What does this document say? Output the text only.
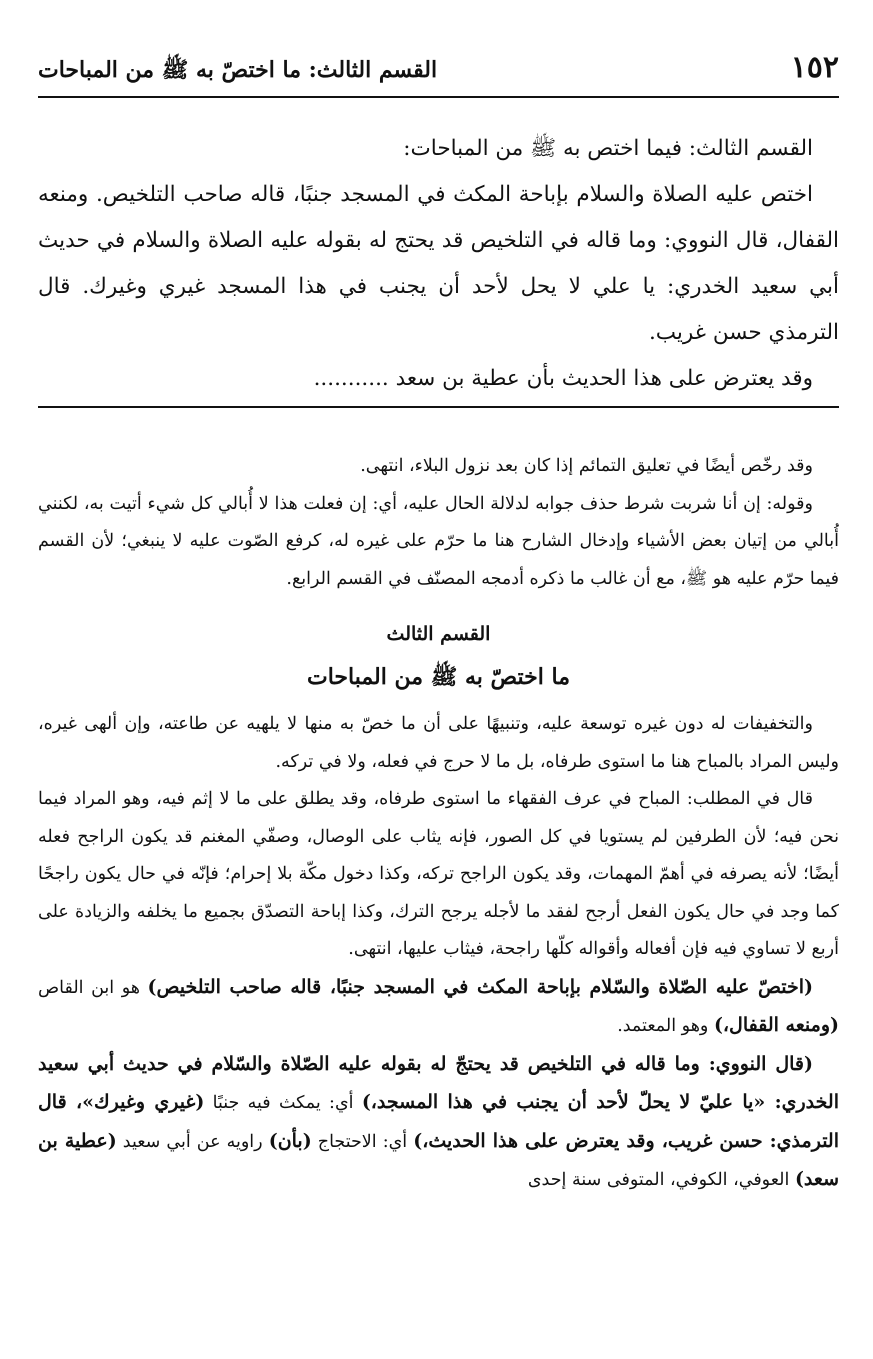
١٥٢
القسم الثالث: ما اختصّ به ﷺ من المباحات

القسم الثالث: فيما اختص به ﷺ من المباحات:

اختص عليه الصلاة والسلام بإباحة المكث في المسجد جنبًا، قاله صاحب التلخيص. ومنعه القفال، قال النووي: وما قاله في التلخيص قد يحتج له بقوله عليه الصلاة والسلام في حديث أبي سعيد الخدري: يا علي لا يحل لأحد أن يجنب في هذا المسجد غيري وغيرك. قال الترمذي حسن غريب.

وقد يعترض على هذا الحديث بأن عطية بن سعد ...........

وقد رخّص أيضًا في تعليق التمائم إذا كان بعد نزول البلاء، انتهى.

وقوله: إن أنا شربت شرط حذف جوابه لدلالة الحال عليه، أي: إن فعلت هذا لا أُبالي كل شيء أتيت به، لكنني أُبالي من إتيان بعض الأشياء وإدخال الشارح هنا ما حرّم على غيره له، كرفع الصّوت عليه لا ينبغي؛ لأن القسم فيما حرّم عليه هو ﷺ، مع أن غالب ما ذكره أدمجه المصنّف في القسم الرابع.

القسم الثالث
ما اختصّ به ﷺ من المباحات

والتخفيفات له دون غيره توسعة عليه، وتنبيهًا على أن ما خصّ به منها لا يلهيه عن طاعته، وإن ألهى غيره، وليس المراد بالمباح هنا ما استوى طرفاه، بل ما لا حرج في فعله، ولا في تركه.

قال في المطلب: المباح في عرف الفقهاء ما استوى طرفاه، وقد يطلق على ما لا إثم فيه، وهو المراد فيما نحن فيه؛ لأن الطرفين لم يستويا في كل الصور، فإنه يثاب على الوصال، وصفّي المغنم قد يكون الراجح فعله أيضًا؛ لأنه يصرفه في أهمّ المهمات، وقد يكون الراجح تركه، وكذا دخول مكّة بلا إحرام؛ فإنّه في حال يكون راجحًا كما وجد في حال يكون الفعل أرجح لفقد ما لأجله يرجح الترك، وكذا إباحة التصدّق بجميع ما يخلفه والزيادة على أربع لا تساوي فيه فإن أفعاله وأقواله كلّها راجحة، فيثاب عليها، انتهى.

(اختصّ عليه الصّلاة والسّلام بإباحة المكث في المسجد جنبًا، قاله صاحب التلخيص) هو ابن القاص (ومنعه القفال،) وهو المعتمد.

(قال النووي: وما قاله في التلخيص قد يحتجّ له بقوله عليه الصّلاة والسّلام في حديث أبي سعيد الخدري: «يا عليّ لا يحلّ لأحد أن يجنب في هذا المسجد،) أي: يمكث فيه جنبًا (غيري وغيرك»، قال الترمذي: حسن غريب، وقد يعترض على هذا الحديث،) أي: الاحتجاج (بأن) راويه عن أبي سعيد (عطية بن سعد) العوفي، الكوفي، المتوفى سنة إحدى
